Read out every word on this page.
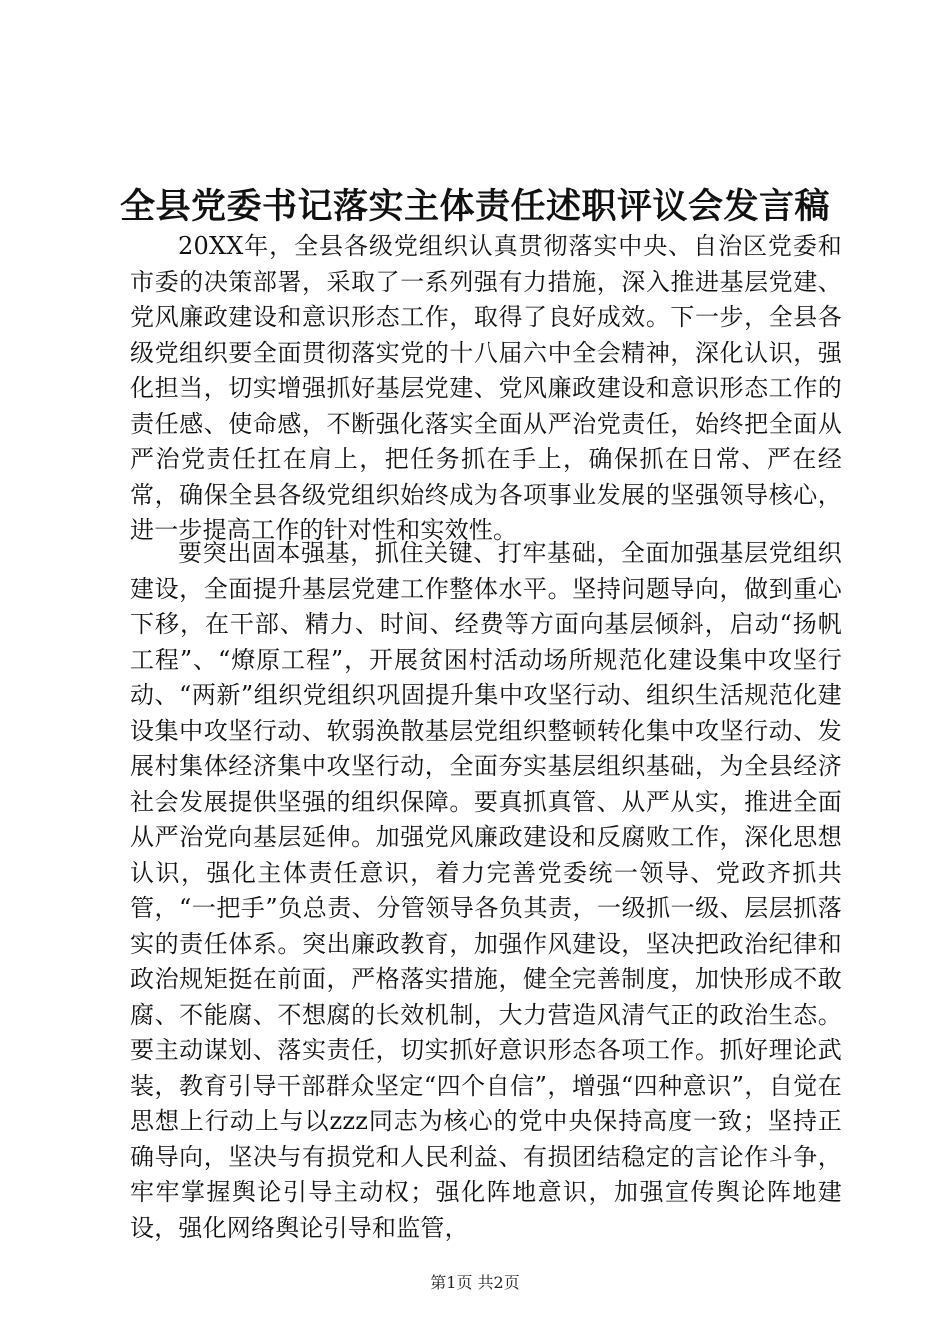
全县党委书记落实主体责任述职评议会发言稿

20XX年，全县各级党组织认真贯彻落实中央、自治区党委和市委的决策部署，采取了一系列强有力措施，深入推进基层党建、党风廉政建设和意识形态工作，取得了良好成效。下一步，全县各级党组织要全面贯彻落实党的十八届六中全会精神，深化认识，强化担当，切实增强抓好基层党建、党风廉政建设和意识形态工作的责任感、使命感，不断强化落实全面从严治党责任，始终把全面从严治党责任扛在肩上，把任务抓在手上，确保抓在日常、严在经常，确保全县各级党组织始终成为各项事业发展的坚强领导核心，进一步提高工作的针对性和实效性。

要突出固本强基，抓住关键、打牢基础，全面加强基层党组织建设，全面提升基层党建工作整体水平。坚持问题导向，做到重心下移，在干部、精力、时间、经费等方面向基层倾斜，启动“扬帆工程”、“燎原工程”，开展贫困村活动场所规范化建设集中攻坚行动、“两新”组织党组织巩固提升集中攻坚行动、组织生活规范化建设集中攻坚行动、软弱涣散基层党组织整顿转化集中攻坚行动、发展村集体经济集中攻坚行动，全面夯实基层组织基础，为全县经济社会发展提供坚强的组织保障。要真抓真管、从严从实，推进全面从严治党向基层延伸。加强党风廉政建设和反腐败工作，深化思想认识，强化主体责任意识，着力完善党委统一领导、党政齐抓共管，“一把手”负总责、分管领导各负其责，一级抓一级、层层抓落实的责任体系。突出廉政教育，加强作风建设，坚决把政治纪律和政治规矩挺在前面，严格落实措施，健全完善制度，加快形成不敢腐、不能腐、不想腐的长效机制，大力营造风清气正的政治生态。要主动谋划、落实责任，切实抓好意识形态各项工作。抓好理论武装，教育引导干部群众坚定“四个自信”，增强“四种意识”，自觉在思想上行动上与以zzz同志为核心的党中央保持高度一致；坚持正确导向，坚决与有损党和人民利益、有损团结稳定的言论作斗争，牢牢掌握舆论引导主动权；强化阵地意识，加强宣传舆论阵地建设，强化网络舆论引导和监管，

第1页 共2页
